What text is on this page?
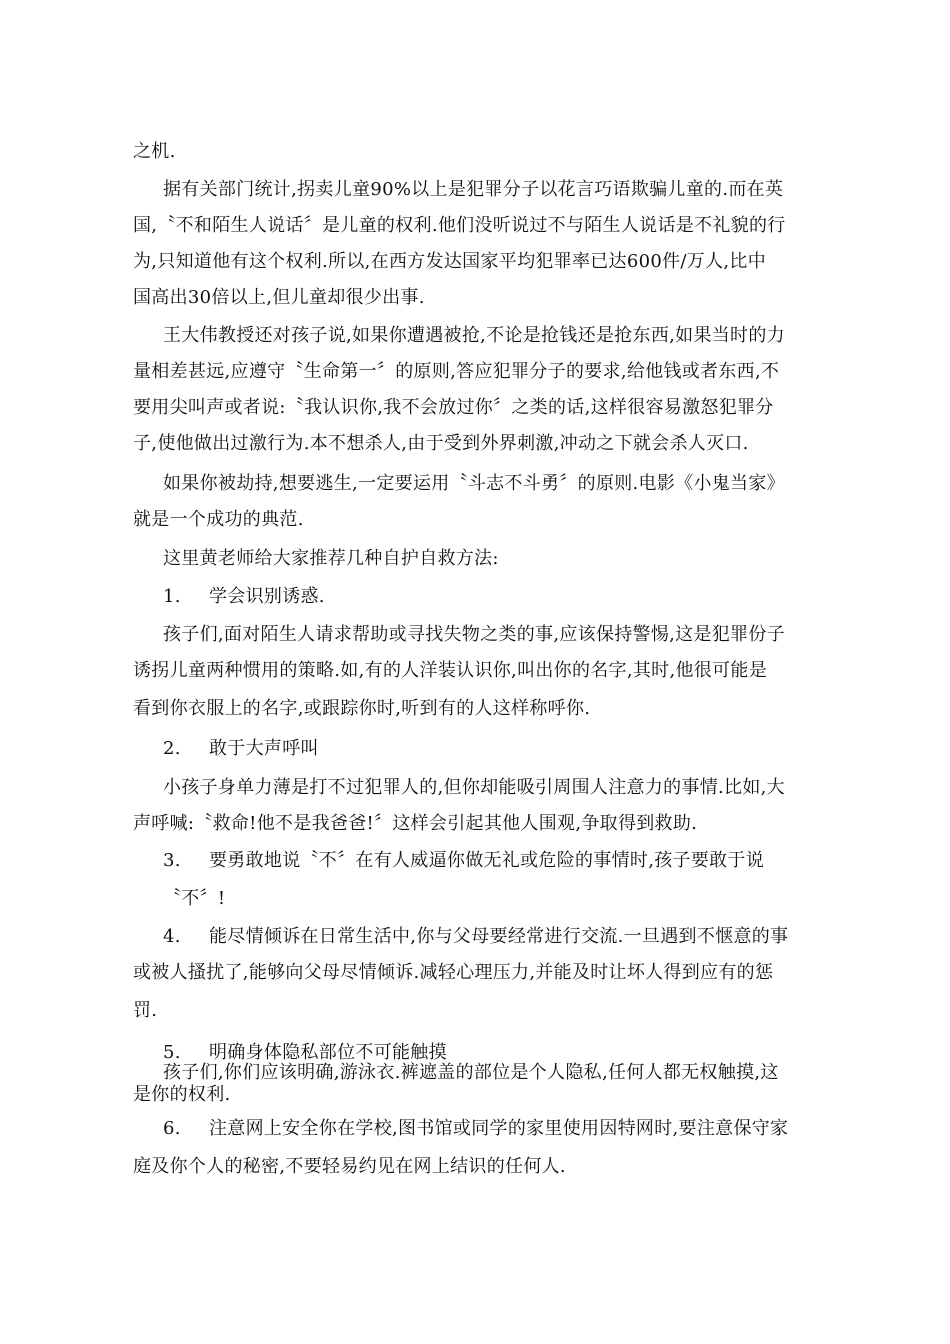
之机.

据有关部门统计,拐卖儿童90%以上是犯罪分子以花言巧语欺骗儿童的.而在英

国,〝不和陌生人说话〞是儿童的权利.他们没听说过不与陌生人说话是不礼貌的行

为,只知道他有这个权利.所以,在西方发达国家平均犯罪率已达600件/万人,比中

国高出30倍以上,但儿童却很少出事.

王大伟教授还对孩子说,如果你遭遇被抢,不论是抢钱还是抢东西,如果当时的力

量相差甚远,应遵守〝生命第一〞的原则,答应犯罪分子的要求,给他钱或者东西,不

要用尖叫声或者说:〝我认识你,我不会放过你〞之类的话,这样很容易激怒犯罪分

子,使他做出过激行为.本不想杀人,由于受到外界刺激,冲动之下就会杀人灭口.

如果你被劫持,想要逃生,一定要运用〝斗志不斗勇〞的原则.电影《小鬼当家》

就是一个成功的典范.

这里黄老师给大家推荐几种自护自救方法:

1. 学会识别诱惑.

孩子们,面对陌生人请求帮助或寻找失物之类的事,应该保持警惕,这是犯罪份子

诱拐儿童两种惯用的策略.如,有的人洋装认识你,叫出你的名字,其时,他很可能是

看到你衣服上的名字,或跟踪你时,听到有的人这样称呼你.

2. 敢于大声呼叫

小孩子身单力薄是打不过犯罪人的,但你却能吸引周围人注意力的事情.比如,大

声呼喊:〝救命!他不是我爸爸!〞这样会引起其他人围观,争取得到救助.

3. 要勇敢地说〝不〞在有人威逼你做无礼或危险的事情时,孩子要敢于说

〝不〞!

4. 能尽情倾诉在日常生活中,你与父母要经常进行交流.一旦遇到不惬意的事

或被人搔扰了,能够向父母尽情倾诉.减轻心理压力,并能及时让坏人得到应有的惩

罚.

5. 明确身体隐私部位不可能触摸

孩子们,你们应该明确,游泳衣.裤遮盖的部位是个人隐私,任何人都无权触摸,这

是你的权利.

6. 注意网上安全你在学校,图书馆或同学的家里使用因特网时,要注意保守家

庭及你个人的秘密,不要轻易约见在网上结识的任何人.
